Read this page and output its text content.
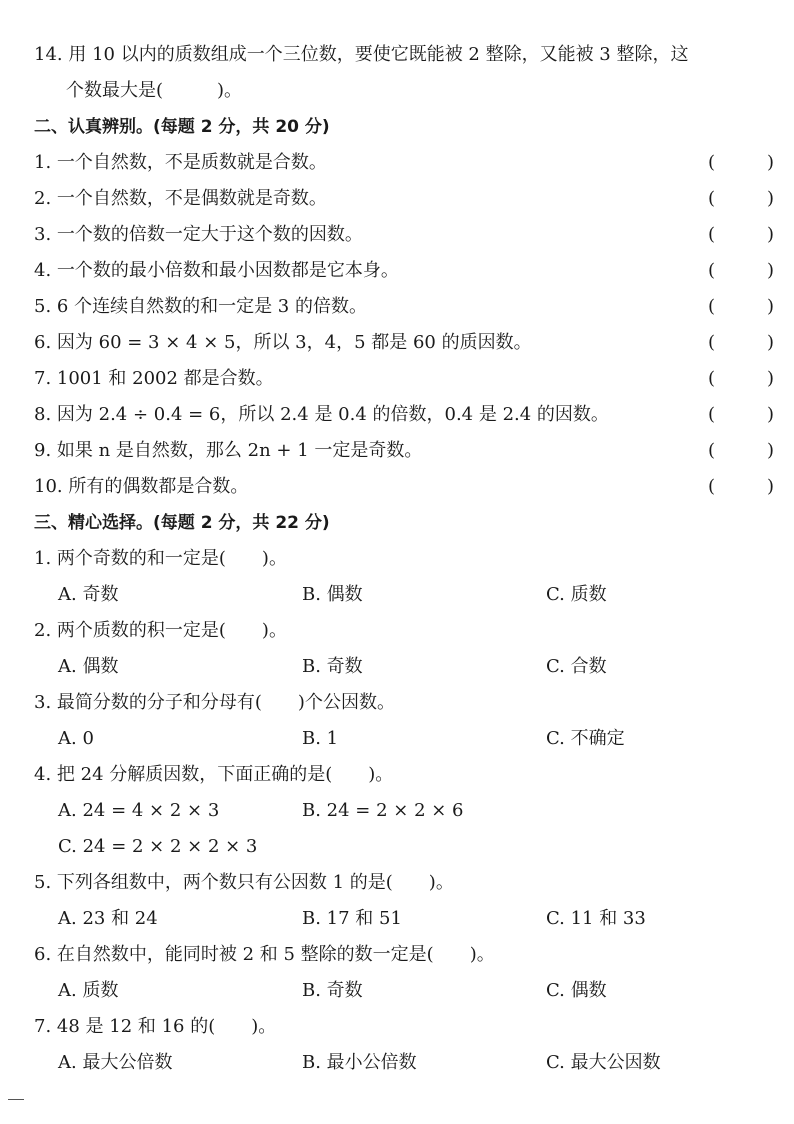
14. 用 10 以内的质数组成一个三位数，要使它既能被 2 整除，又能被 3 整除，这
个数最大是(　　　)。
二、认真辨别。(每题 2 分，共 20 分)
1. 一个自然数，不是质数就是合数。	(	)
2. 一个自然数，不是偶数就是奇数。	(	)
3. 一个数的倍数一定大于这个数的因数。	(	)
4. 一个数的最小倍数和最小因数都是它本身。	(	)
5. 6 个连续自然数的和一定是 3 的倍数。	(	)
6. 因为 60 = 3 × 4 × 5，所以 3，4，5 都是 60 的质因数。	(	)
7. 1001 和 2002 都是合数。	(	)
8. 因为 2.4 ÷ 0.4 = 6，所以 2.4 是 0.4 的倍数，0.4 是 2.4 的因数。	(	)
9. 如果 n 是自然数，那么 2n + 1 一定是奇数。	(	)
10. 所有的偶数都是合数。	(	)
三、精心选择。(每题 2 分，共 22 分)
1. 两个奇数的和一定是(　　)。
A. 奇数	B. 偶数	C. 质数
2. 两个质数的积一定是(　　)。
A. 偶数	B. 奇数	C. 合数
3. 最简分数的分子和分母有(　　)个公因数。
A. 0	B. 1	C. 不确定
4. 把 24 分解质因数，下面正确的是(　　)。
A. 24 = 4 × 2 × 3	B. 24 = 2 × 2 × 6
C. 24 = 2 × 2 × 2 × 3
5. 下列各组数中，两个数只有公因数 1 的是(　　)。
A. 23 和 24	B. 17 和 51	C. 11 和 33
6. 在自然数中，能同时被 2 和 5 整除的数一定是(　　)。
A. 质数	B. 奇数	C. 偶数
7. 48 是 12 和 16 的(　　)。
A. 最大公倍数	B. 最小公倍数	C. 最大公因数
